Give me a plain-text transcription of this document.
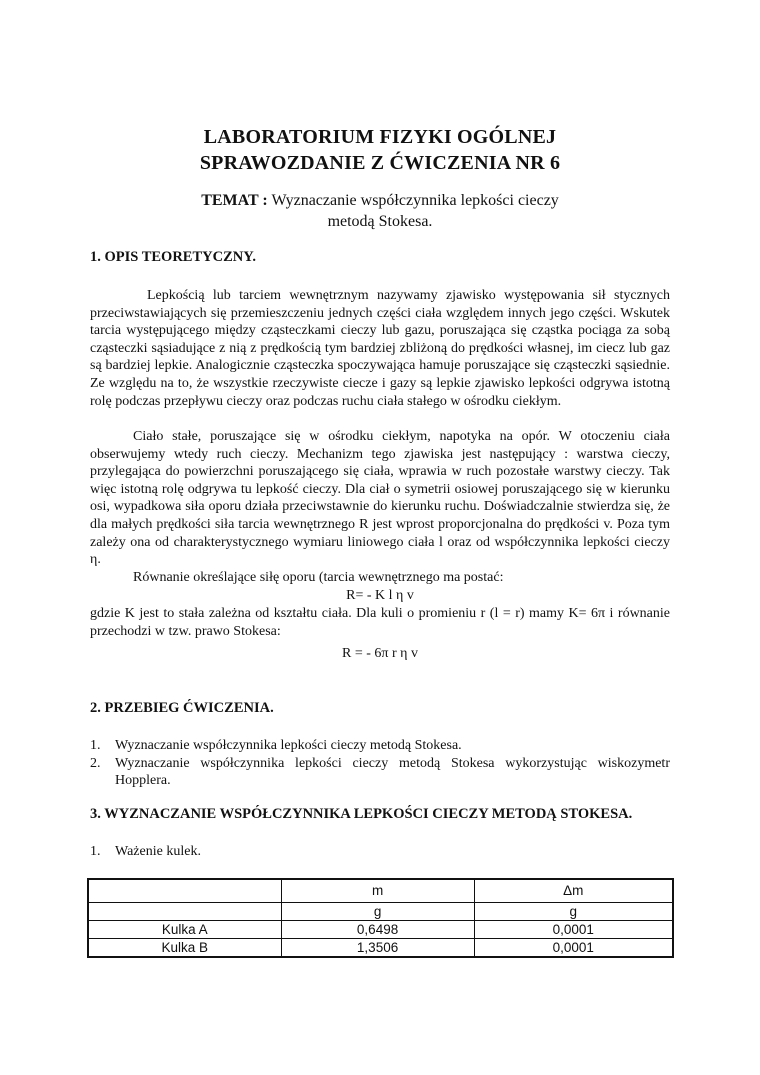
LABORATORIUM FIZYKI OGÓLNEJ
SPRAWOZDANIE Z ĆWICZENIA NR 6
TEMAT : Wyznaczanie współczynnika lepkości cieczy
metodą Stokesa.
1. OPIS TEORETYCZNY.

Lepkością lub tarciem wewnętrznym nazywamy zjawisko występowania sił stycznych przeciwstawiających się przemieszczeniu jednych części ciała względem innych jego części. Wskutek tarcia występującego między cząsteczkami cieczy lub gazu, poruszająca się cząstka pociąga za sobą cząsteczki sąsiadujące z nią z prędkością tym bardziej zbliżoną do prędkości własnej, im ciecz lub gaz są bardziej lepkie. Analogicznie cząsteczka spoczywająca hamuje poruszające się cząsteczki sąsiednie. Ze względu na to, że wszystkie rzeczywiste ciecze i gazy są lepkie zjawisko lepkości odgrywa istotną rolę podczas przepływu cieczy oraz podczas ruchu ciała stałego w ośrodku ciekłym.

Ciało stałe, poruszające się w ośrodku ciekłym, napotyka na opór. W otoczeniu ciała obserwujemy wtedy ruch cieczy. Mechanizm tego zjawiska jest następujący : warstwa cieczy, przylegająca do powierzchni poruszającego się ciała, wprawia w ruch pozostałe warstwy cieczy. Tak więc istotną rolę odgrywa tu lepkość cieczy. Dla ciał o symetrii osiowej poruszającego się w kierunku osi, wypadkowa siła oporu działa przeciwstawnie do kierunku ruchu. Doświadczalnie stwierdza się, że dla małych prędkości siła tarcia wewnętrznego R jest wprost proporcjonalna do prędkości v. Poza tym zależy ona od charakterystycznego wymiaru liniowego ciała l oraz od współczynnika lepkości cieczy η.

Równanie określające siłę oporu (tarcia wewnętrznego ma postać:

R= - K l η v

gdzie K jest to stała zależna od kształtu ciała. Dla kuli o promieniu r (l = r) mamy K= 6π i równanie przechodzi w tzw. prawo Stokesa:

R = - 6π r η v
2. PRZEBIEG ĆWICZENIA.
1.	Wyznaczanie współczynnika lepkości cieczy metodą Stokesa.
2.	Wyznaczanie współczynnika lepkości cieczy metodą Stokesa wykorzystując wiskozymetr Hopplera.
3. WYZNACZANIE WSPÓŁCZYNNIKA LEPKOŚCI CIECZY METODĄ STOKESA.
1.	Ważenie kulek.
	m	Δm
	g	g
Kulka A	0,6498	0,0001
Kulka B	1,3506	0,0001
